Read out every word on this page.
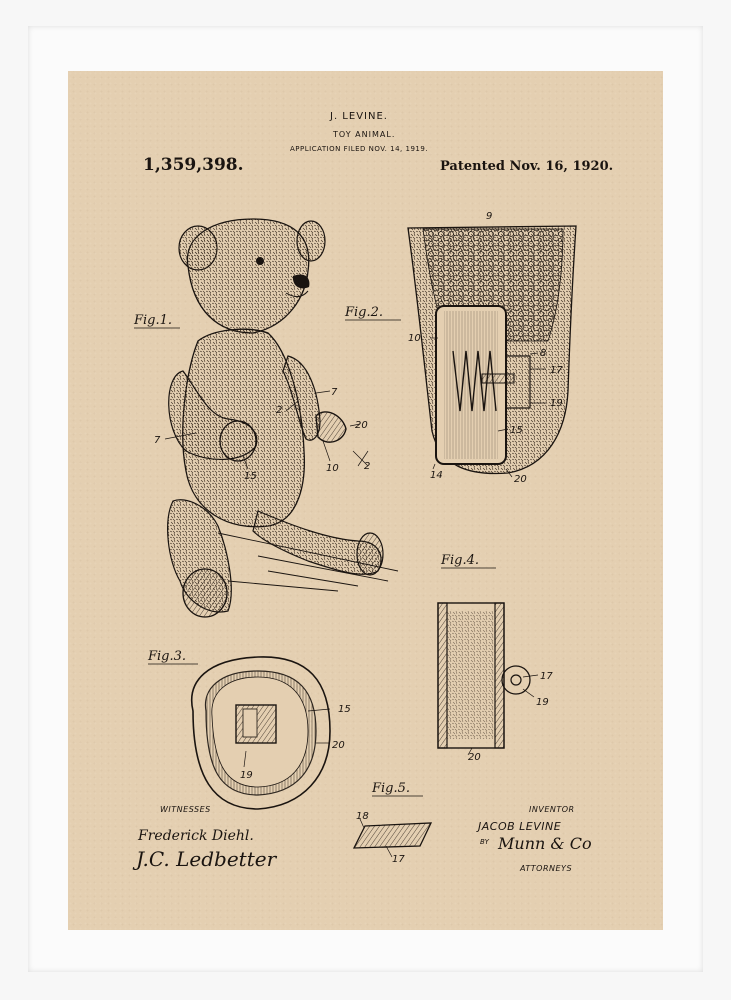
J. LEVINE.
TOY ANIMAL.
APPLICATION FILED NOV. 14, 1919.
1,359,398.	Patented Nov. 16, 1920.
Fig.1.
7
2
7
20
10	2
15
Fig.2.
9
10
8
17
19
15
14	20
Fig.3.
15
20
19
Fig.4.
17
19
20
Fig.5.
18
17
WITNESSES
Frederick Diehl.
J.C. Ledbetter
INVENTOR
JACOB LEVINE
BY Munn & Co
ATTORNEYS
